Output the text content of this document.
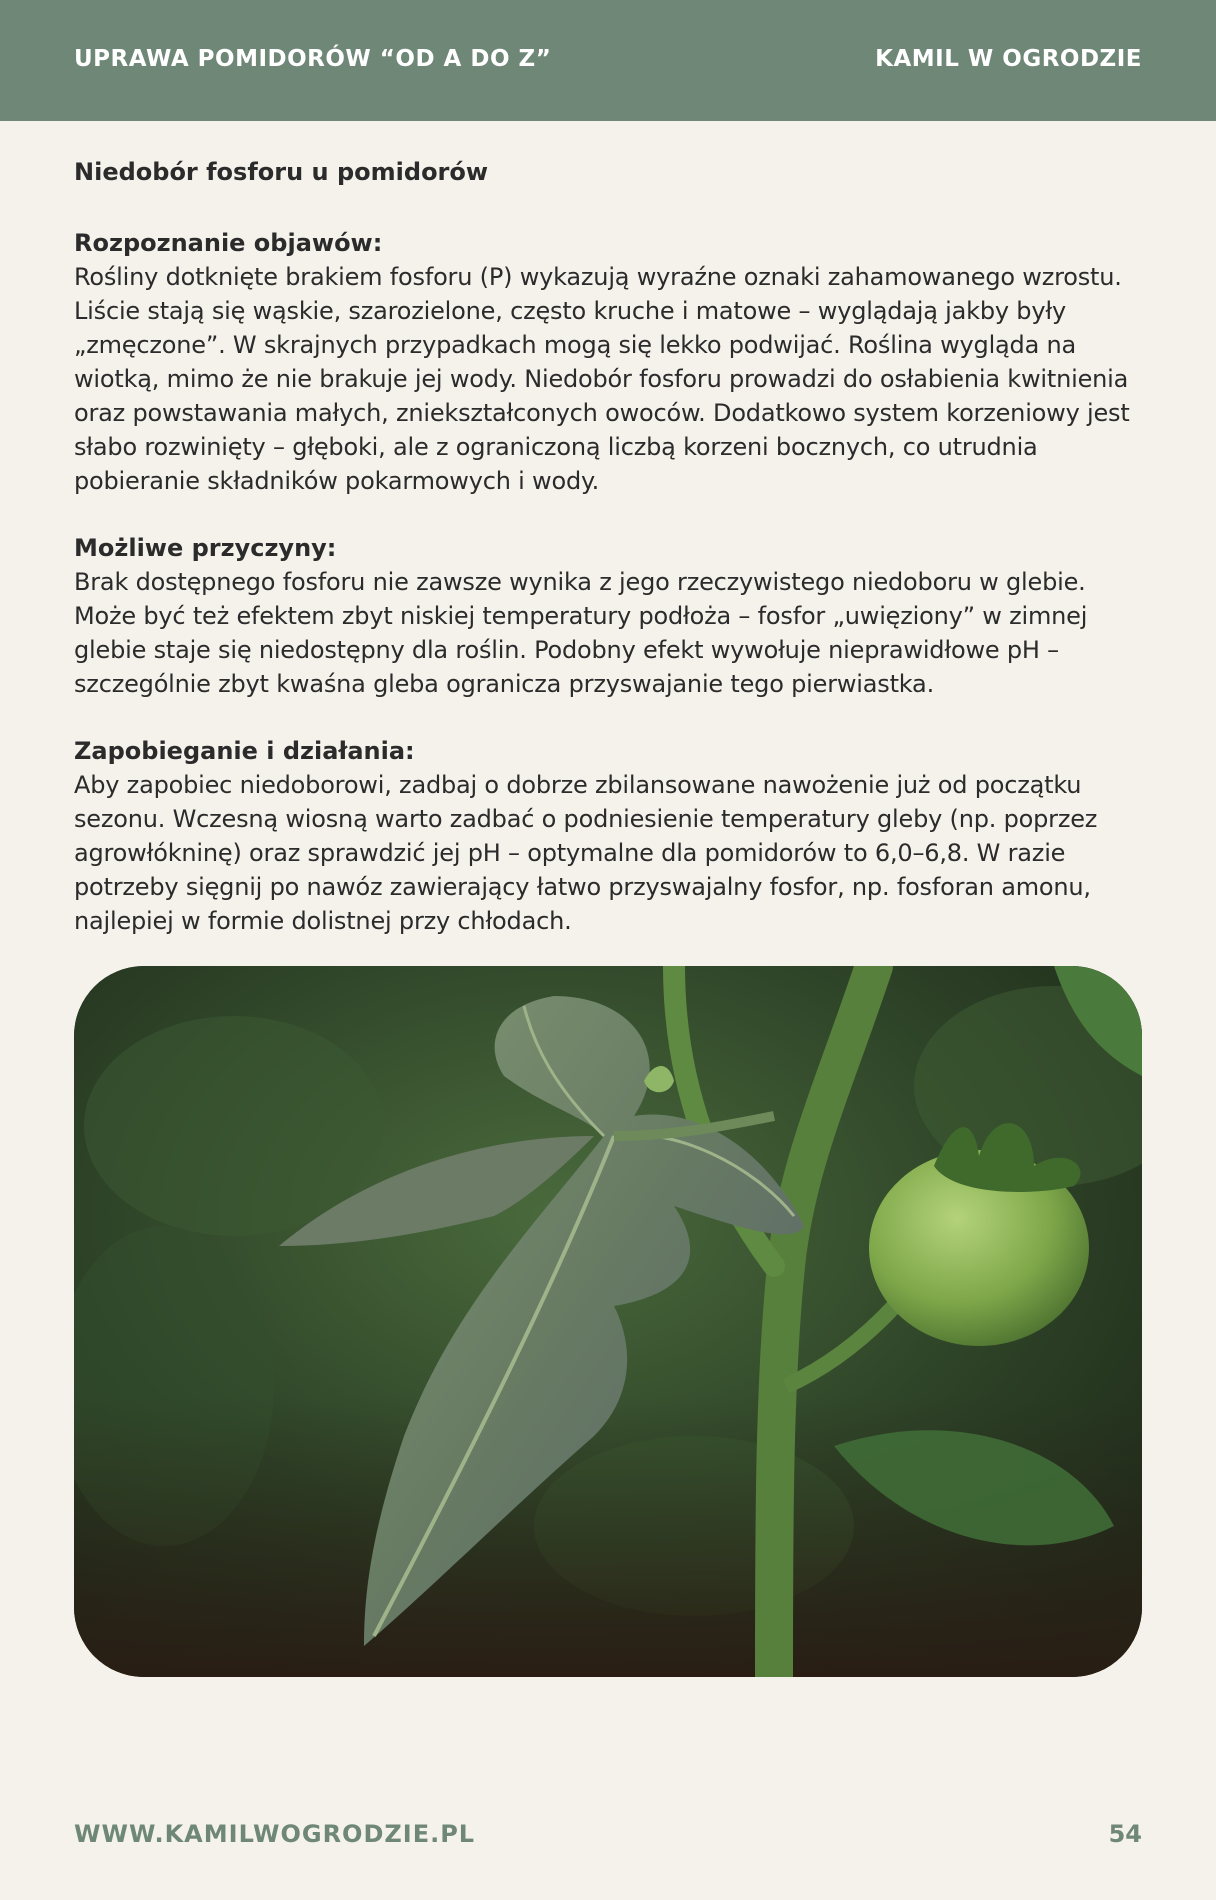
UPRAWA POMIDORÓW “OD A DO Z”	KAMIL W OGRODZIE

Niedobór fosforu u pomidorów

Rozpoznanie objawów:

Rośliny dotknięte brakiem fosforu (P) wykazują wyraźne oznaki zahamowanego wzrostu. Liście stają się wąskie, szarozielone, często kruche i matowe – wyglądają jakby były „zmęczone”. W skrajnych przypadkach mogą się lekko podwijać. Roślina wygląda na wiotką, mimo że nie brakuje jej wody. Niedobór fosforu prowadzi do osłabienia kwitnienia oraz powstawania małych, zniekształconych owoców. Dodatkowo system korzeniowy jest słabo rozwinięty – głęboki, ale z ograniczoną liczbą korzeni bocznych, co utrudnia pobieranie składników pokarmowych i wody.

Możliwe przyczyny:

Brak dostępnego fosforu nie zawsze wynika z jego rzeczywistego niedoboru w glebie. Może być też efektem zbyt niskiej temperatury podłoża – fosfor „uwięziony” w zimnej glebie staje się niedostępny dla roślin. Podobny efekt wywołuje nieprawidłowe pH – szczególnie zbyt kwaśna gleba ogranicza przyswajanie tego pierwiastka.

Zapobieganie i działania:

Aby zapobiec niedoborowi, zadbaj o dobrze zbilansowane nawożenie już od początku sezonu. Wczesną wiosną warto zadbać o podniesienie temperatury gleby (np. poprzez agrowłókninę) oraz sprawdzić jej pH – optymalne dla pomidorów to 6,0–6,8. W razie potrzeby sięgnij po nawóz zawierający łatwo przyswajalny fosfor, np. fosforan amonu, najlepiej w formie dolistnej przy chłodach.

WWW.KAMILWOGRODZIE.PL	54
